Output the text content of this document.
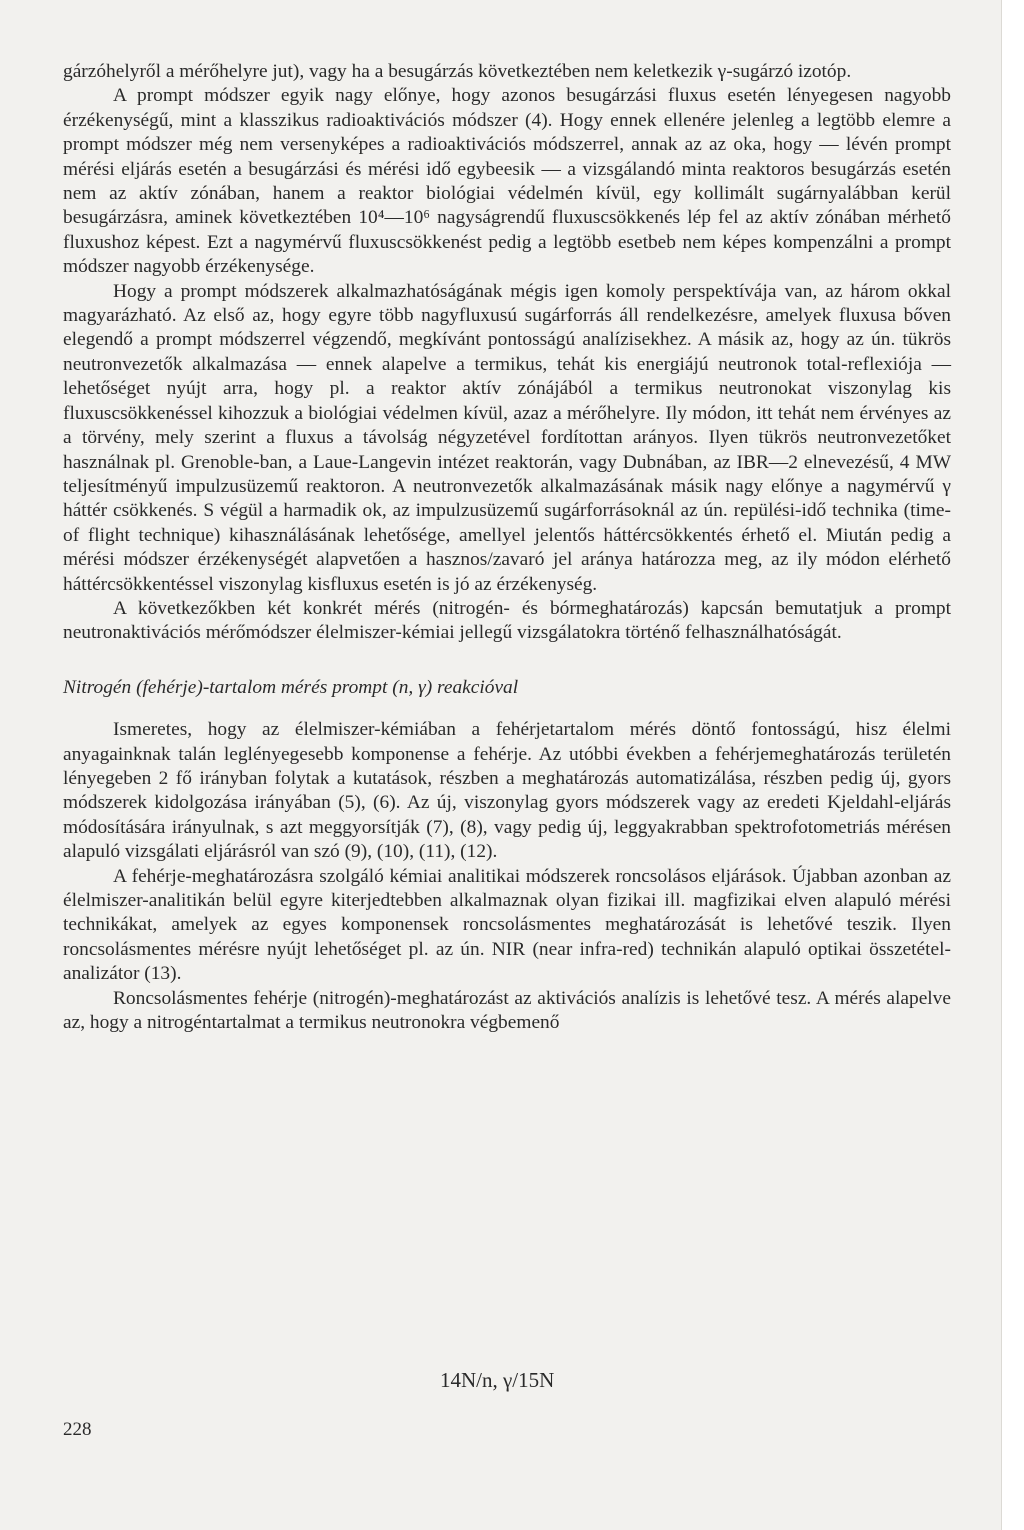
gárzóhelyről a mérőhelyre jut), vagy ha a besugárzás következtében nem keletkezik γ-sugárzó izotóp.

A prompt módszer egyik nagy előnye, hogy azonos besugárzási fluxus esetén lényegesen nagyobb érzékenységű, mint a klasszikus radioaktivációs módszer (4). Hogy ennek ellenére jelenleg a legtöbb elemre a prompt módszer még nem versenyképes a radioaktivációs módszerrel, annak az az oka, hogy — lévén prompt mérési eljárás esetén a besugárzási és mérési idő egybeesik — a vizsgálandó minta reaktoros besugárzás esetén nem az aktív zónában, hanem a reaktor biológiai védelmén kívül, egy kollimált sugárnyalábban kerül besugárzásra, aminek következtében 10⁴—10⁶ nagyságrendű fluxuscsökkenés lép fel az aktív zónában mérhető fluxushoz képest. Ezt a nagymérvű fluxuscsökkenést pedig a legtöbb esetbeb nem képes kompenzálni a prompt módszer nagyobb érzékenysége.

Hogy a prompt módszerek alkalmazhatóságának mégis igen komoly perspektívája van, az három okkal magyarázható. Az első az, hogy egyre több nagyfluxusú sugárforrás áll rendelkezésre, amelyek fluxusa bőven elegendő a prompt módszerrel végzendő, megkívánt pontosságú analízisekhez. A másik az, hogy az ún. tükrös neutronvezetők alkalmazása — ennek alapelve a termikus, tehát kis energiájú neutronok total-reflexiója — lehetőséget nyújt arra, hogy pl. a reaktor aktív zónájából a termikus neutronokat viszonylag kis fluxuscsökkenéssel kihozzuk a biológiai védelmen kívül, azaz a mérőhelyre. Ily módon, itt tehát nem érvényes az a törvény, mely szerint a fluxus a távolság négyzetével fordítottan arányos. Ilyen tükrös neutronvezetőket használnak pl. Grenoble-ban, a Laue-Langevin intézet reaktorán, vagy Dubnában, az IBR—2 elnevezésű, 4 MW teljesítményű impulzusüzemű reaktoron. A neutronvezetők alkalmazásának másik nagy előnye a nagymérvű γ háttér csökkenés. S végül a harmadik ok, az impulzusüzemű sugárforrásoknál az ún. repülési-idő technika (time-of flight technique) kihasználásának lehetősége, amellyel jelentős háttércsökkentés érhető el. Miután pedig a mérési módszer érzékenységét alapvetően a hasznos/zavaró jel aránya határozza meg, az ily módon elérhető háttércsökkentéssel viszonylag kisfluxus esetén is jó az érzékenység.

A következőkben két konkrét mérés (nitrogén- és bórmeghatározás) kapcsán bemutatjuk a prompt neutronaktivációs mérőmódszer élelmiszer-kémiai jellegű vizsgálatokra történő felhasználhatóságát.

Nitrogén (fehérje)-tartalom mérés prompt (n, γ) reakcióval

Ismeretes, hogy az élelmiszer-kémiában a fehérjetartalom mérés döntő fontosságú, hisz élelmi anyagainknak talán leglényegesebb komponense a fehérje. Az utóbbi években a fehérjemeghatározás területén lényegeben 2 fő irányban folytak a kutatások, részben a meghatározás automatizálása, részben pedig új, gyors módszerek kidolgozása irányában (5), (6). Az új, viszonylag gyors módszerek vagy az eredeti Kjeldahl-eljárás módosítására irányulnak, s azt meggyorsítják (7), (8), vagy pedig új, leggyakrabban spektrofotometriás mérésen alapuló vizsgálati eljárásról van szó (9), (10), (11), (12).

A fehérje-meghatározásra szolgáló kémiai analitikai módszerek roncsolásos eljárások. Újabban azonban az élelmiszer-analitikán belül egyre kiterjedtebben alkalmaznak olyan fizikai ill. magfizikai elven alapuló mérési technikákat, amelyek az egyes komponensek roncsolásmentes meghatározását is lehetővé teszik. Ilyen roncsolásmentes mérésre nyújt lehetőséget pl. az ún. NIR (near infra-red) technikán alapuló optikai összetétel-analizátor (13).

Roncsolásmentes fehérje (nitrogén)-meghatározást az aktivációs analízis is lehetővé tesz. A mérés alapelve az, hogy a nitrogéntartalmat a termikus neutronokra végbemenő

14N/n, γ/15N
228
